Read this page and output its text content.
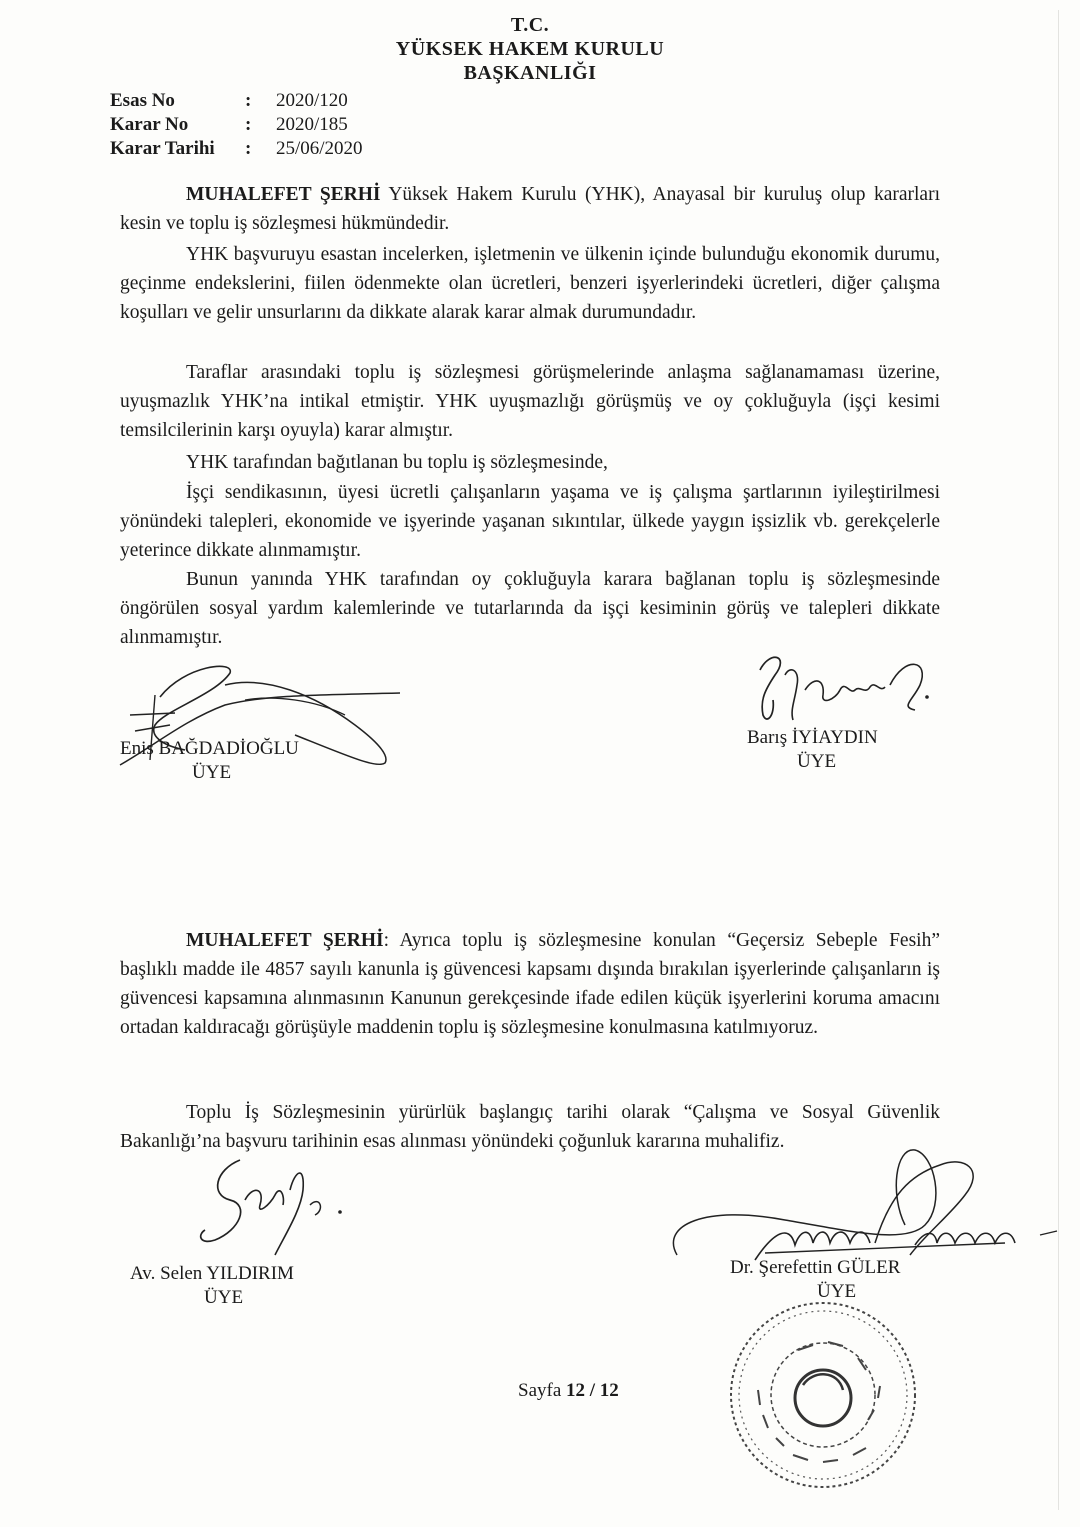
T.C.
YÜKSEK HAKEM KURULU
BAŞKANLIĞI
Esas No	: 2020/120
Karar No	: 2020/185
Karar Tarihi	: 25/06/2020
MUHALEFET ŞERHİ Yüksek Hakem Kurulu (YHK), Anayasal bir kuruluş olup kararları kesin ve toplu iş sözleşmesi hükmündedir.
YHK başvuruyu esastan incelerken, işletmenin ve ülkenin içinde bulunduğu ekonomik durumu, geçinme endekslerini, fiilen ödenmekte olan ücretleri, benzeri işyerlerindeki ücretleri, diğer çalışma koşulları ve gelir unsurlarını da dikkate alarak karar almak durumundadır.
Taraflar arasındaki toplu iş sözleşmesi görüşmelerinde anlaşma sağlanamaması üzerine, uyuşmazlık YHK’na intikal etmiştir. YHK uyuşmazlığı görüşmüş ve oy çokluğuyla (işçi kesimi temsilcilerinin karşı oyuyla) karar almıştır.
YHK tarafından bağıtlanan bu toplu iş sözleşmesinde,
İşçi sendikasının, üyesi ücretli çalışanların yaşama ve iş çalışma şartlarının iyileştirilmesi yönündeki talepleri, ekonomide ve işyerinde yaşanan sıkıntılar, ülkede yaygın işsizlik vb. gerekçelerle yeterince dikkate alınmamıştır.
Bunun yanında YHK tarafından oy çokluğuyla karara bağlanan toplu iş sözleşmesinde öngörülen sosyal yardım kalemlerinde ve tutarlarında da işçi kesiminin görüş ve talepleri dikkate alınmamıştır.
Enis BAĞDADİOĞLU
ÜYE
Barış İYİAYDIN
ÜYE
MUHALEFET ŞERHİ: Ayrıca toplu iş sözleşmesine konulan “Geçersiz Sebeple Fesih” başlıklı madde ile 4857 sayılı kanunla iş güvencesi kapsamı dışında bırakılan işyerlerinde çalışanların iş güvencesi kapsamına alınmasının Kanunun gerekçesinde ifade edilen küçük işyerlerini koruma amacını ortadan kaldıracağı görüşüyle maddenin toplu iş sözleşmesine konulmasına katılmıyoruz.
Toplu İş Sözleşmesinin yürürlük başlangıç tarihi olarak “Çalışma ve Sosyal Güvenlik Bakanlığı’na başvuru tarihinin esas alınması yönündeki çoğunluk kararına muhalifiz.
Av. Selen YILDIRIM
ÜYE
Dr. Şerefettin GÜLER
ÜYE
Sayfa 12 / 12
